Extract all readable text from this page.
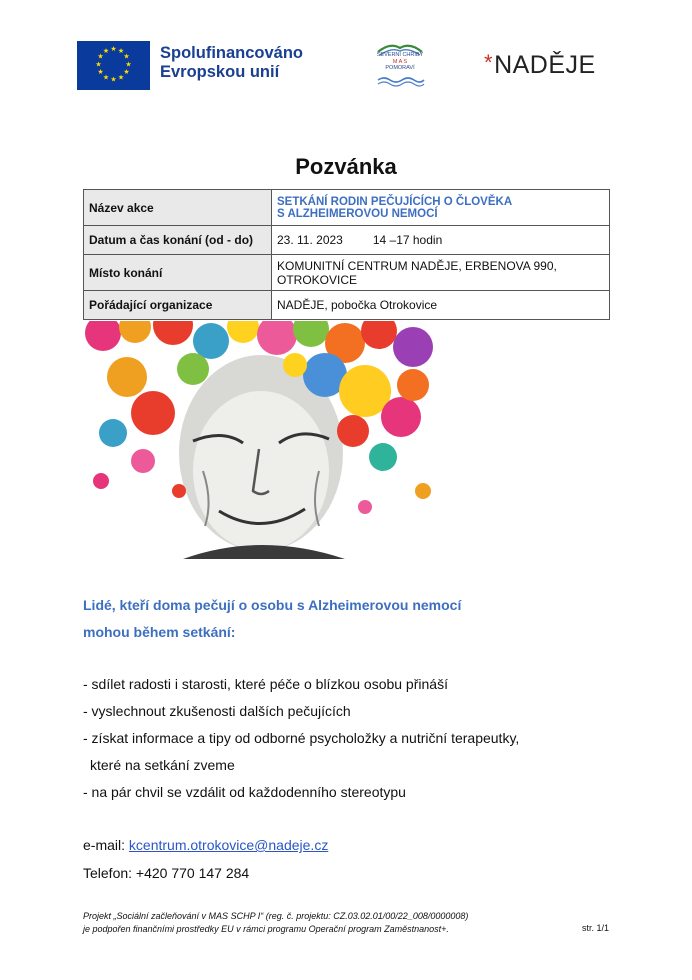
★ ★
★
★
★
★
★
★
★
★
★
★	Spolufinancováno
Evropskou unií
SEVERNÍ CHŘIBY
M A S
POMORAVÍ	*NADĚJE
Pozvánka
Název akce	SETKÁNÍ RODIN PEČUJÍCÍCH O ČLOVĚKA
S ALZHEIMEROVOU NEMOCÍ

Datum a čas konání (od - do)	23. 11. 2023 14 –17 hodin
Místo konání	KOMUNITNÍ CENTRUM NADĚJE, ERBENOVA 990,
OTROKOVICE

Pořádající organizace	NADĚJE, pobočka Otrokovice
Lidé, kteří doma pečují o osobu s Alzheimerovou nemocí
mohou během setkání:
- sdílet radosti i starosti, které péče o blízkou osobu přináší
- vyslechnout zkušenosti dalších pečujících
- získat informace a tipy od odborné psycholožky a nutriční terapeutky,
které na setkání zveme
- na pár chvil se vzdálit od každodenního stereotypu
e-mail: kcentrum.otrokovice@nadeje.cz
Telefon: +420 770 147 284
Projekt „Sociální začleňování v MAS SCHP I“ (reg. č. projektu: CZ.03.02.01/00/22_008/0000008)
je podpořen finančními prostředky EU v rámci programu Operační program Zaměstnanost+.	str. 1/1
